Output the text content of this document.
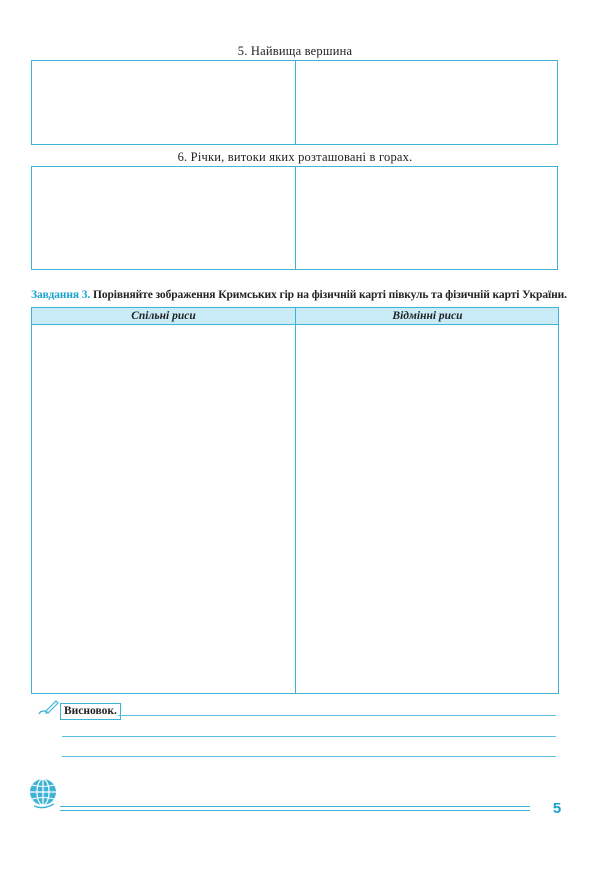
5. Найвища вершина
6. Річки, витоки яких розташовані в горах.
Завдання 3. Порівняйте зображення Кримських гір на фізичній карті півкуль та фізичній карті України.
Спільні риси	Відмінні риси
Висновок.
5
